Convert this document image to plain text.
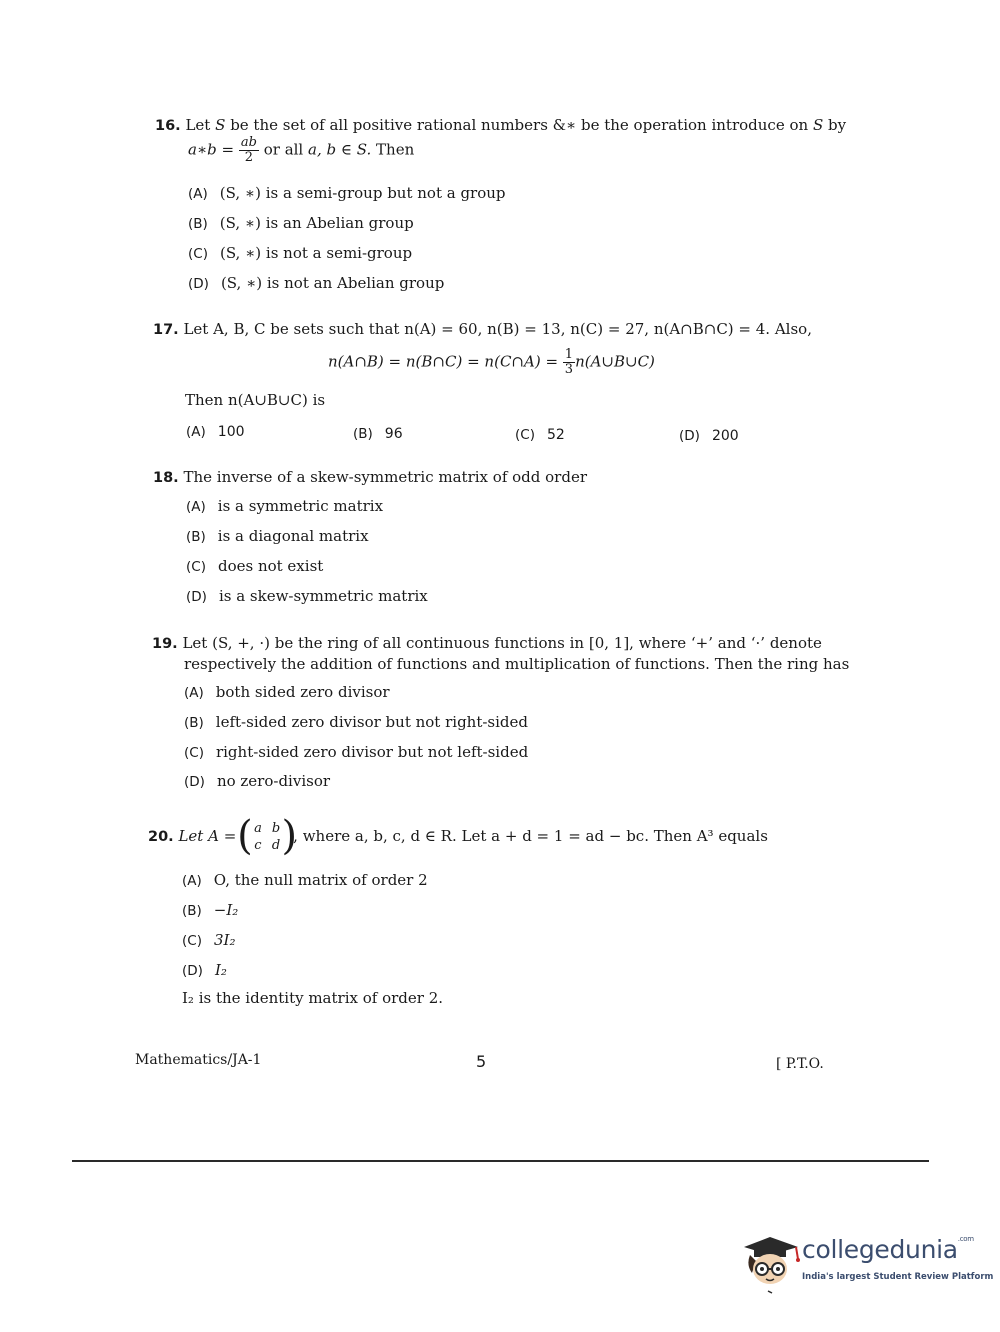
16. Let S be the set of all positive rational numbers &∗ be the operation introduce on S by
a∗b = $\frac{ab}{2}$ or all a, b ∈ S. Then
(A) (S, ∗) is a semi-group but not a group
(B) (S, ∗) is an Abelian group
(C) (S, ∗) is not a semi-group
(D) (S, ∗) is not an Abelian group
17. Let A, B, C be sets such that n(A) = 60, n(B) = 13, n(C) = 27, n(A∩B∩C) = 4. Also,
n(A∩B) = n(B∩C) = n(C∩A) = $\frac{1}{3}$ n(A∪B∪C)
Then n(A∪B∪C) is
(A) 100	(B) 96	(C) 52	(D) 200
18. The inverse of a skew-symmetric matrix of odd order
(A) is a symmetric matrix
(B) is a diagonal matrix
(C) does not exist
(D) is a skew-symmetric matrix
19. Let (S, +, ·) be the ring of all continuous functions in [0, 1], where ‘+’ and ‘·’ denote
respectively the addition of functions and multiplication of functions. Then the ring has
(A) both sided zero divisor
(B) left-sided zero divisor but not right-sided
(C) right-sided zero divisor but not left-sided
(D) no zero-divisor
20. Let A = ( a	b
c	d )
, where a, b, c, d ∈ R. Let a + d = 1 = ad − bc. Then A³ equals
(A) O, the null matrix of order 2
(B) −I₂
(C) 3I₂
(D) I₂
I₂ is the identity matrix of order 2.
Mathematics/JA-1	5	[ P.T.O.
collegedunia$^{.com}$
India's largest Student Review Platform
